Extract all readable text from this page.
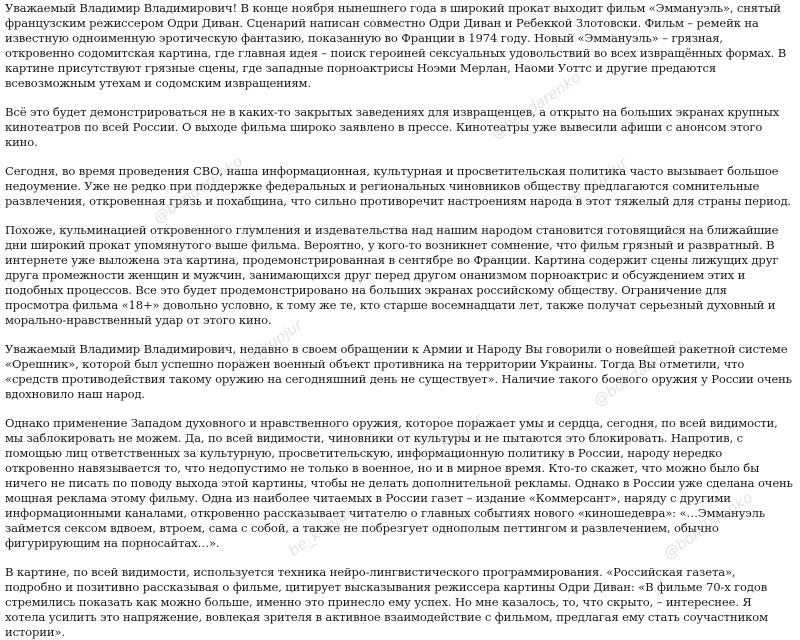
Уважаемый Владимир Владимирович! В конце ноября нынешнего года в широкий прокат выходит фильм «Эммануэль», снятый французским режиссером Одри Диван. Сценарий написан совместно Одри Диван и Ребеккой Злотовски. Фильм – ремейк на известную одноименную эротическую фантазию, показанную во Франции в 1974 году. Новый «Эммануэль» – грязная, откровенно содомитская картина, где главная идея – поиск героиней сексуальных удовольствий во всех извращённых формах. В картине присутствуют грязные сцены, где западные порноактрисы Ноэми Мерлан, Наоми Уоттс и другие предаются всевозможным утехам и содомским извращениям.

Всё это будет демонстрироваться не в каких-то закрытых заведениях для извращенцев, а открыто на больших экранах крупных кинотеатров по всей России. О выходе фильма широко заявлено в прессе. Кинотеатры уже вывесили афиши с анонсом этого кино.

Сегодня, во время проведения СВО, наша информационная, культурная и просветительская политика часто вызывает большое недоумение. Уже не редко при поддержке федеральных и региональных чиновников обществу предлагаются сомнительные развлечения, откровенная грязь и похабщина, что сильно противоречит настроениям народа в этот тяжелый для страны период.

Похоже, кульминацией откровенного глумления и издевательства над нашим народом становится готовящийся на ближайшие дни широкий прокат упомянутого выше фильма. Вероятно, у кого-то возникнет сомнение, что фильм грязный и развратный. В интернете уже выложена эта картина, продемонстрированная в сентябре во Франции. Картина содержит сцены лижущих друг друга промежности женщин и мужчин, занимающихся друг перед другом онанизмом порноактрис и обсуждением этих и подобных процессов. Все это будет продемонстрировано на больших экранах российскому обществу. Ограничение для просмотра фильма «18+» довольно условно, к тому же те, кто старше восемнадцати лет, также получат серьезный духовный и морально-нравственный удар от этого кино.

Уважаемый Владимир Владимирович, недавно в своем обращении к Армии и Народу Вы говорили о новейшей ракетной системе «Орешник», которой был успешно поражен военный объект противника на территории Украины. Тогда Вы отметили, что «средств противодействия такому оружию на сегодняшний день не существует». Наличие такого боевого оружия у России очень вдохновило наш народ.

Однако применение Западом духовного и нравственного оружия, которое поражает умы и сердца, сегодня, по всей видимости, мы заблокировать не можем. Да, по всей видимости, чиновники от культуры и не пытаются это блокировать. Напротив, с помощью лиц ответственных за культурную, просветительскую, информационную политику в России, народу нередко откровенно навязывается то, что недопустимо не только в военное, но и в мирное время. Кто-то скажет, что можно было бы ничего не писать по поводу выхода этой картины, чтобы не делать дополнительной рекламы. Однако в России уже сделана очень мощная реклама этому фильму. Одна из наиболее читаемых в России газет – издание «Коммерсант», наряду с другими информационными каналами, откровенно рассказывает читателю о главных событиях нового «киношедевра»: «…Эммануэль займется сексом вдвоем, втроем, сама с собой, а также не побрезгует однополым петтингом и развлечением, обычно фигурирующим на порносайтах…».

В картине, по всей видимости, используется техника нейро-лингвистического программирования. «Российская газета», подробно и позитивно рассказывая о фильме, цитирует высказывания режиссера картины Одри Диван: «В фильме 70-х годов стремились показать как можно больше, именно это принесло ему успех. Но мне казалось, то, что скрыто, – интереснее. Я хотела усилить это напряжение, вовлекая зрителя в активное взаимодействие с фильмом, предлагая ему стать соучастником истории».

@bondarenko
be_kupjur
@bondarenko
be_kupjur	@bondarenko
be_kupjur	@bondarenko
be_kupjur
